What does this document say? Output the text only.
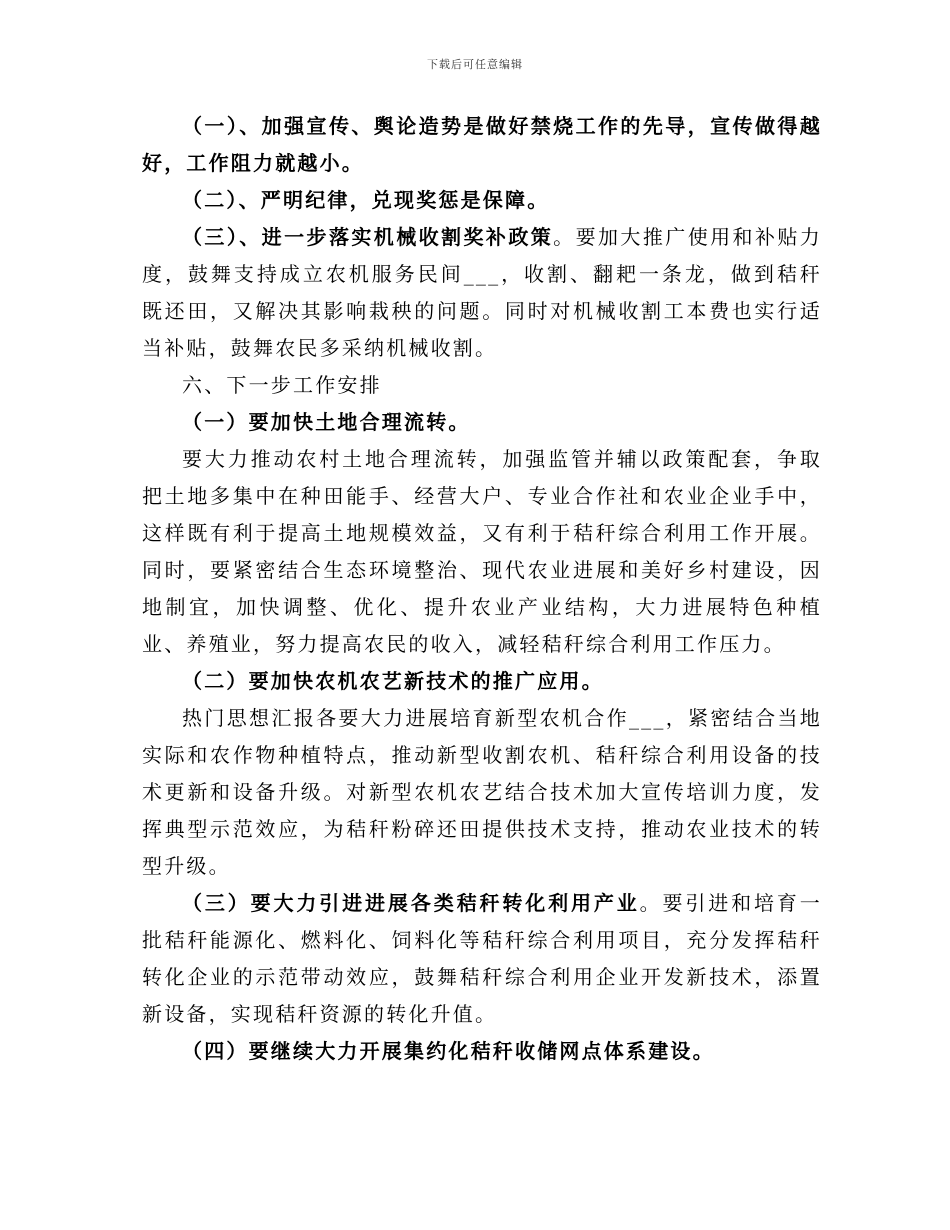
下载后可任意编辑

（一）、加强宣传、舆论造势是做好禁烧工作的先导，宣传做得越好，工作阻力就越小。

（二）、严明纪律，兑现奖惩是保障。

（三）、进一步落实机械收割奖补政策。要加大推广使用和补贴力度，鼓舞支持成立农机服务民间___，收割、翻耙一条龙，做到秸秆既还田，又解决其影响栽秧的问题。同时对机械收割工本费也实行适当补贴，鼓舞农民多采纳机械收割。

六、下一步工作安排

（一）要加快土地合理流转。

要大力推动农村土地合理流转，加强监管并辅以政策配套，争取把土地多集中在种田能手、经营大户、专业合作社和农业企业手中，这样既有利于提高土地规模效益，又有利于秸秆综合利用工作开展。同时，要紧密结合生态环境整治、现代农业进展和美好乡村建设，因地制宜，加快调整、优化、提升农业产业结构，大力进展特色种植业、养殖业，努力提高农民的收入，减轻秸秆综合利用工作压力。

（二）要加快农机农艺新技术的推广应用。

热门思想汇报各要大力进展培育新型农机合作___，紧密结合当地实际和农作物种植特点，推动新型收割农机、秸秆综合利用设备的技术更新和设备升级。对新型农机农艺结合技术加大宣传培训力度，发挥典型示范效应，为秸秆粉碎还田提供技术支持，推动农业技术的转型升级。

（三）要大力引进进展各类秸秆转化利用产业。要引进和培育一批秸秆能源化、燃料化、饲料化等秸秆综合利用项目，充分发挥秸秆转化企业的示范带动效应，鼓舞秸秆综合利用企业开发新技术，添置新设备，实现秸秆资源的转化升值。

（四）要继续大力开展集约化秸秆收储网点体系建设。
